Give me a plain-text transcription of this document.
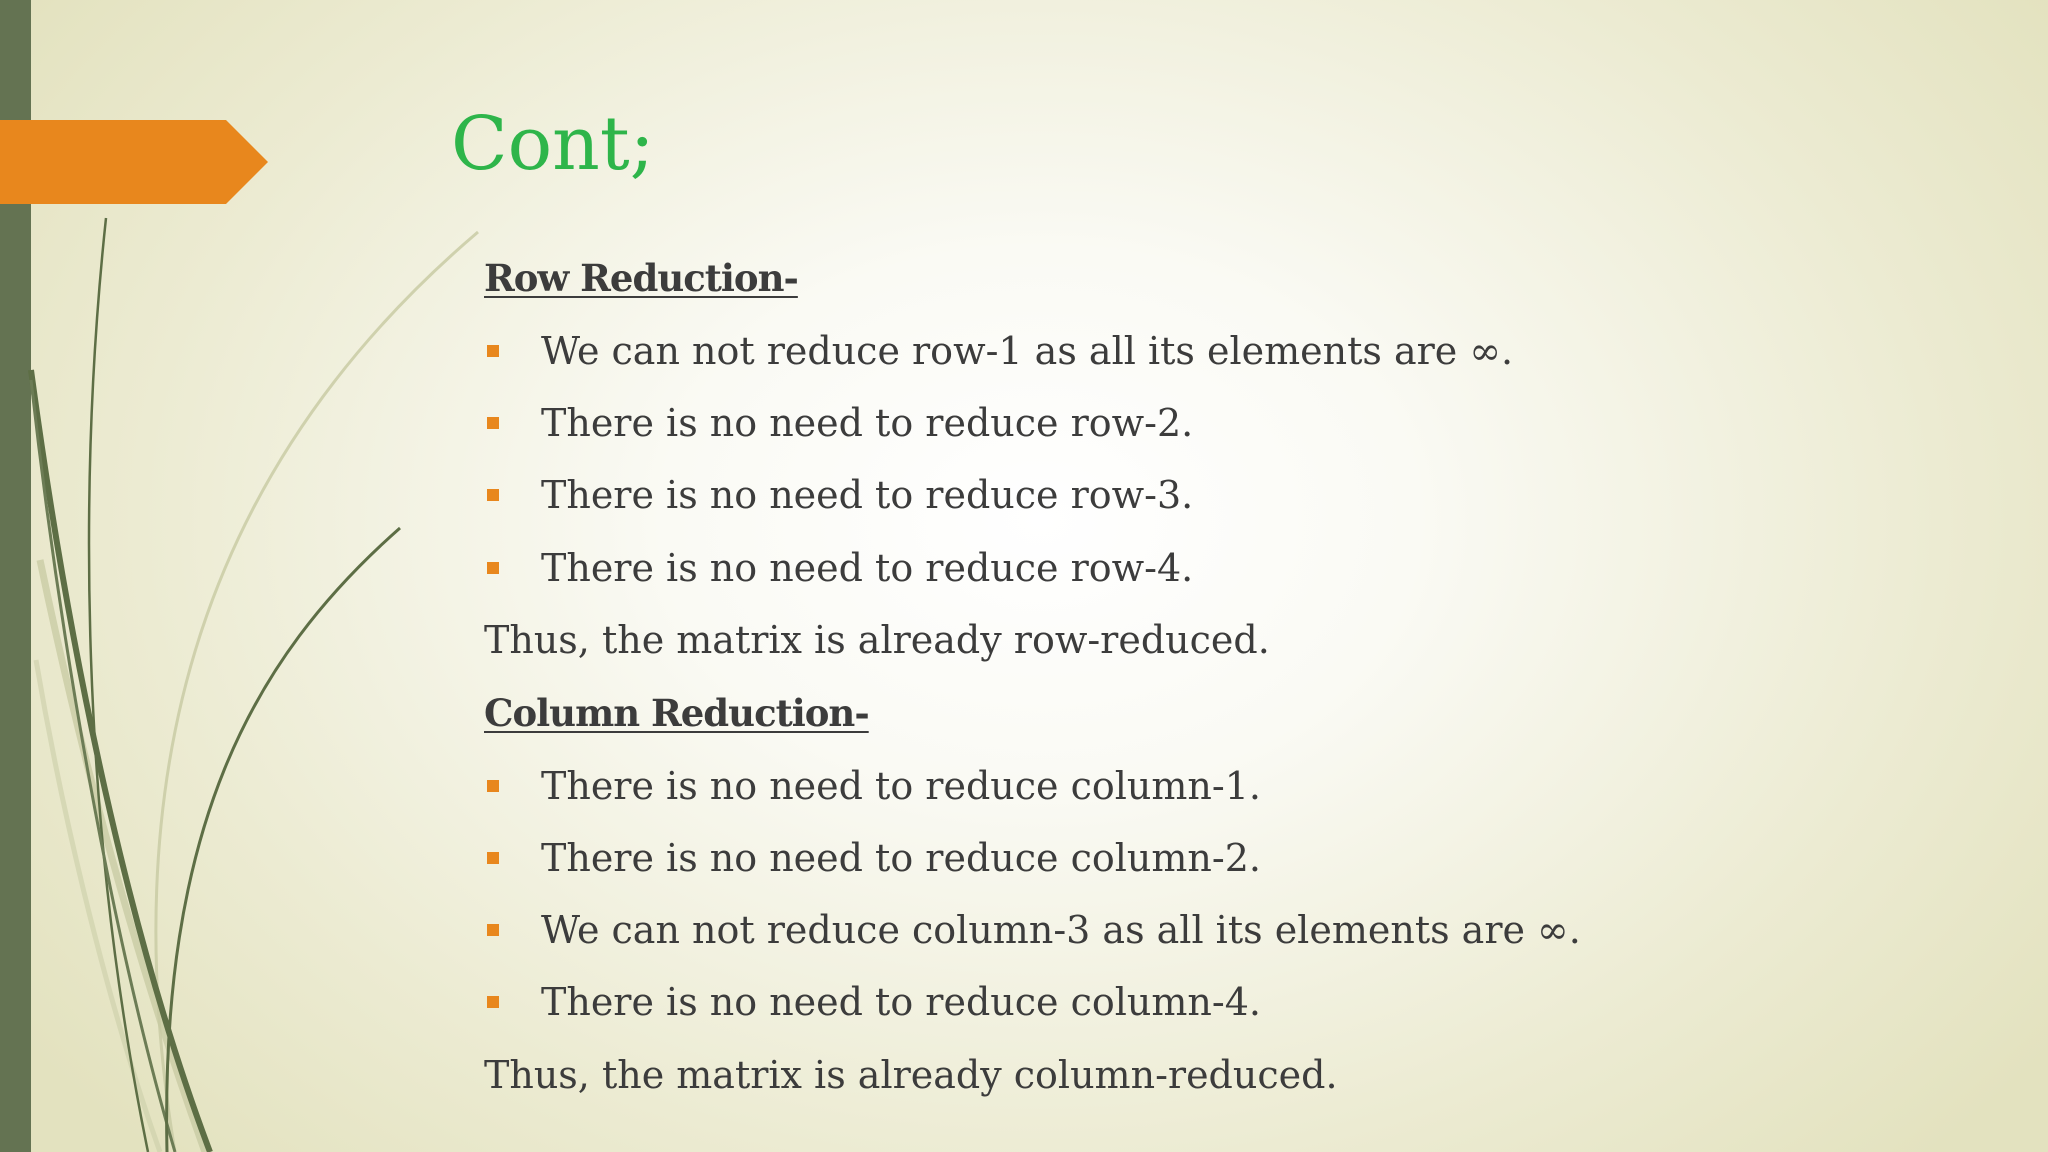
Cont;
Row Reduction-
We can not reduce row-1 as all its elements are ∞.
There is no need to reduce row-2.
There is no need to reduce row-3.
There is no need to reduce row-4.
Thus, the matrix is already row-reduced.
Column Reduction-
There is no need to reduce column-1.
There is no need to reduce column-2.
We can not reduce column-3 as all its elements are ∞.
There is no need to reduce column-4.
Thus, the matrix is already column-reduced.
